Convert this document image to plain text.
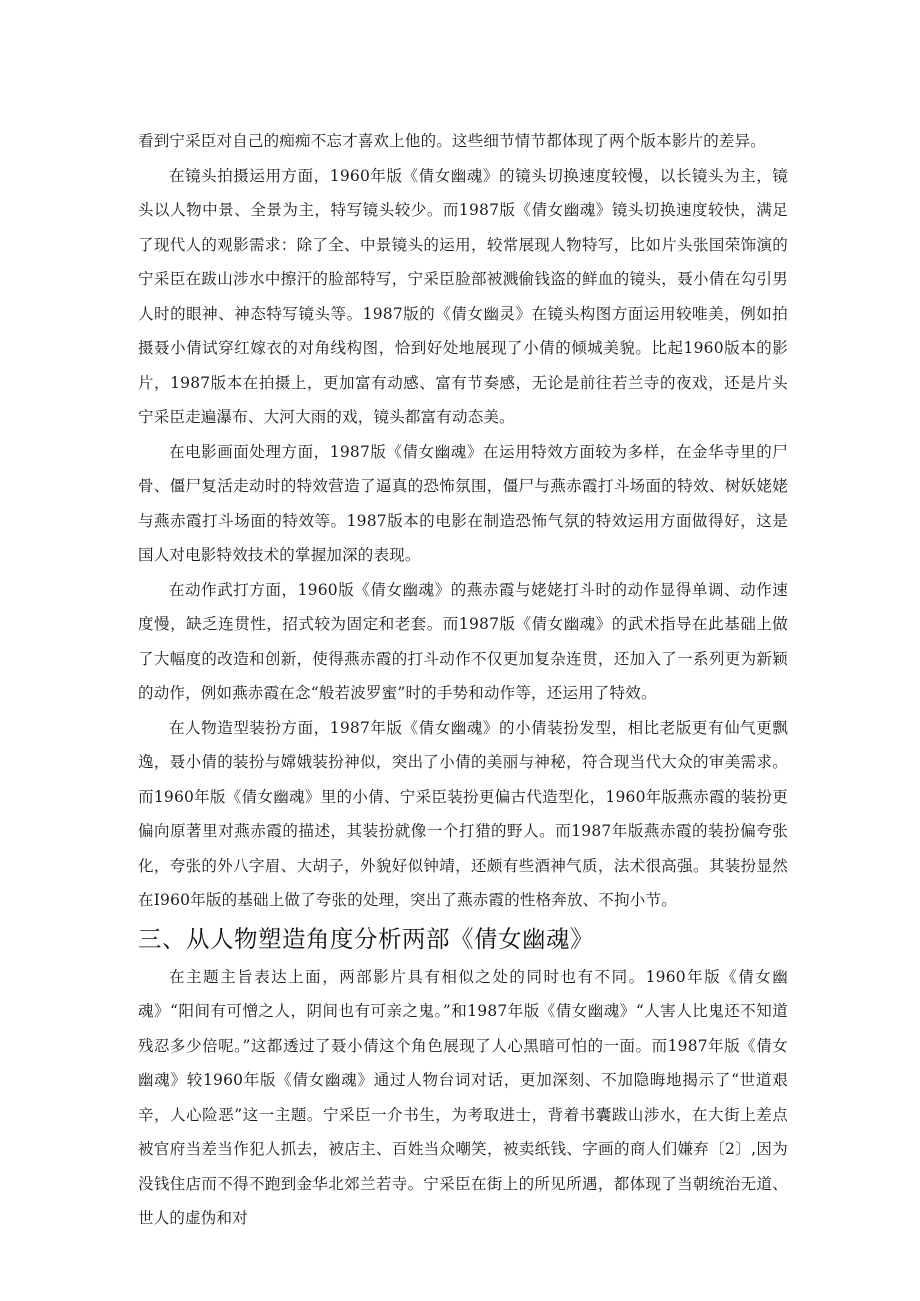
看到宁采臣对自己的痴痴不忘才喜欢上他的。这些细节情节都体现了两个版本影片的差异。

在镜头拍摄运用方面，1960年版《倩女幽魂》的镜头切换速度较慢，以长镜头为主，镜头以人物中景、全景为主，特写镜头较少。而1987版《倩女幽魂》镜头切换速度较快，满足了现代人的观影需求：除了全、中景镜头的运用，较常展现人物特写，比如片头张国荣饰演的宁采臣在跋山涉水中擦汗的脸部特写，宁采臣脸部被溅偷钱盗的鲜血的镜头，聂小倩在勾引男人时的眼神、神态特写镜头等。1987版的《倩女幽灵》在镜头构图方面运用较唯美，例如拍摄聂小倩试穿红嫁衣的对角线构图，恰到好处地展现了小倩的倾城美貌。比起1960版本的影片，1987版本在拍摄上，更加富有动感、富有节奏感，无论是前往若兰寺的夜戏，还是片头宁采臣走遍瀑布、大河大雨的戏，镜头都富有动态美。

在电影画面处理方面，1987版《倩女幽魂》在运用特效方面较为多样，在金华寺里的尸骨、僵尸复活走动时的特效营造了逼真的恐怖氛围，僵尸与燕赤霞打斗场面的特效、树妖姥姥与燕赤霞打斗场面的特效等。1987版本的电影在制造恐怖气氛的特效运用方面做得好，这是国人对电影特效技术的掌握加深的表现。

在动作武打方面，1960版《倩女幽魂》的燕赤霞与姥姥打斗时的动作显得单调、动作速度慢，缺乏连贯性，招式较为固定和老套。而1987版《倩女幽魂》的武术指导在此基础上做了大幅度的改造和创新，使得燕赤霞的打斗动作不仅更加复杂连贯，还加入了一系列更为新颖的动作，例如燕赤霞在念“般若波罗蜜”时的手势和动作等，还运用了特效。

在人物造型装扮方面，1987年版《倩女幽魂》的小倩装扮发型，相比老版更有仙气更飘逸，聂小倩的装扮与嫦娥装扮神似，突出了小倩的美丽与神秘，符合现当代大众的审美需求。而1960年版《倩女幽魂》里的小倩、宁采臣装扮更偏古代造型化，1960年版燕赤霞的装扮更偏向原著里对燕赤霞的描述，其装扮就像一个打猎的野人。而1987年版燕赤霞的装扮偏夸张化，夸张的外八字眉、大胡子，外貌好似钟靖，还颇有些酒神气质，法术很高强。其装扮显然在I960年版的基础上做了夸张的处理，突出了燕赤霞的性格奔放、不拘小节。

三、从人物塑造角度分析两部《倩女幽魂》

在主题主旨表达上面，两部影片具有相似之处的同时也有不同。1960年版《倩女幽魂》“阳间有可憎之人，阴间也有可亲之鬼。”和1987年版《倩女幽魂》“人害人比鬼还不知道残忍多少倍呢。”这都透过了聂小倩这个角色展现了人心黑暗可怕的一面。而1987年版《倩女幽魂》较1960年版《倩女幽魂》通过人物台词对话，更加深刻、不加隐晦地揭示了“世道艰辛，人心险恶”这一主题。宁采臣一介书生，为考取进士，背着书囊跋山涉水，在大街上差点被官府当差当作犯人抓去，被店主、百姓当众嘲笑，被卖纸钱、字画的商人们嫌弃〔2〕,因为没钱住店而不得不跑到金华北郊兰若寺。宁采臣在街上的所见所遇，都体现了当朝统治无道、世人的虚伪和对
